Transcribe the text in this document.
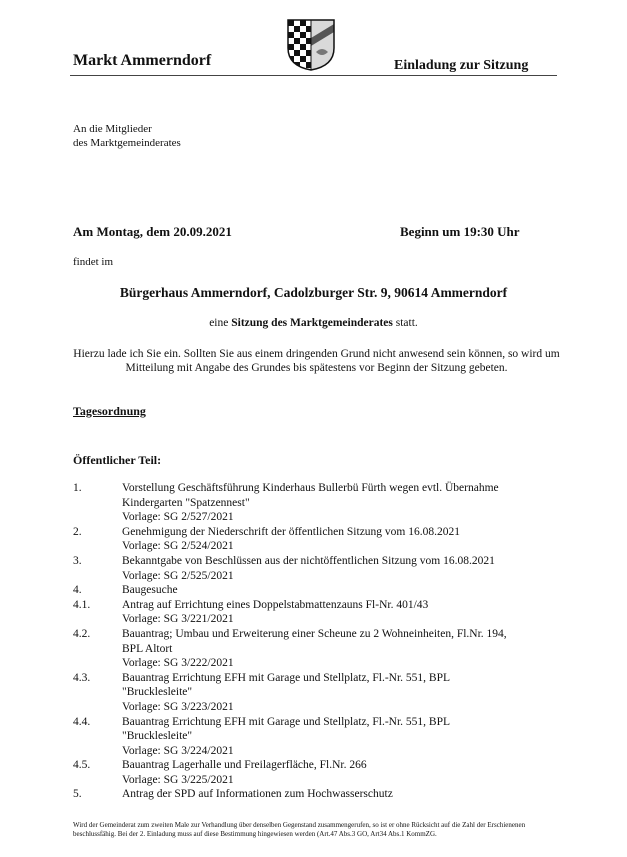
Markt Ammerndorf	Einladung zur Sitzung
An die Mitglieder
des Marktgemeinderates
Am Montag, dem 20.09.2021	Beginn um 19:30 Uhr
findet im
Bürgerhaus Ammerndorf, Cadolzburger Str. 9, 90614 Ammerndorf
eine Sitzung des Marktgemeinderates statt.
Hierzu lade ich Sie ein. Sollten Sie aus einem dringenden Grund nicht anwesend sein können, so wird um Mitteilung mit Angabe des Grundes bis spätestens vor Beginn der Sitzung gebeten.
Tagesordnung
Öffentlicher Teil:
1.	Vorstellung Geschäftsführung Kinderhaus Bullerbü Fürth wegen evtl. Übernahme
Kindergarten "Spatzennest"
Vorlage: SG 2/527/2021
2.	Genehmigung der Niederschrift der öffentlichen Sitzung vom 16.08.2021
Vorlage: SG 2/524/2021
3.	Bekanntgabe von Beschlüssen aus der nichtöffentlichen Sitzung vom 16.08.2021
Vorlage: SG 2/525/2021
4.	Baugesuche
4.1.	Antrag auf Errichtung eines Doppelstabmattenzauns Fl-Nr. 401/43
Vorlage: SG 3/221/2021
4.2.	Bauantrag; Umbau und Erweiterung einer Scheune zu 2 Wohneinheiten, Fl.Nr. 194,
BPL Altort
Vorlage: SG 3/222/2021
4.3.	Bauantrag Errichtung EFH mit Garage und Stellplatz, Fl.-Nr. 551, BPL
"Brucklesleite"
Vorlage: SG 3/223/2021
4.4.	Bauantrag Errichtung EFH mit Garage und Stellplatz, Fl.-Nr. 551, BPL
"Brucklesleite"
Vorlage: SG 3/224/2021
4.5.	Bauantrag Lagerhalle und Freilagerfläche, Fl.Nr. 266
Vorlage: SG 3/225/2021
5.	Antrag der SPD auf Informationen zum Hochwasserschutz
Wird der Gemeinderat zum zweiten Male zur Verhandlung über denselben Gegenstand zusammengerufen, so ist er ohne Rücksicht auf die Zahl der Erschienenen beschlussfähig. Bei der 2. Einladung muss auf diese Bestimmung hingewiesen werden (Art.47 Abs.3 GO, Art34 Abs.1 KommZG.
